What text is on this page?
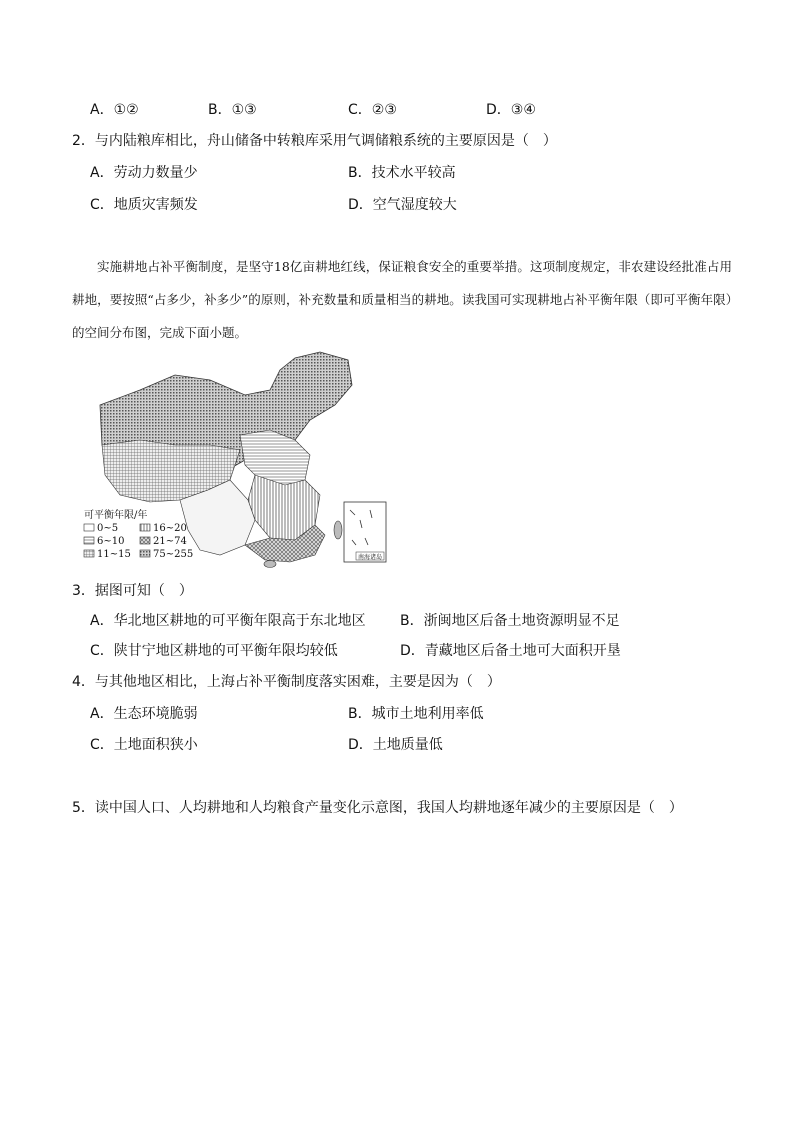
A．①②	B．①③	C．②③	D．③④
2．与内陆粮库相比，舟山储备中转粮库采用气调储粮系统的主要原因是（　）
A．劳动力数量少	B．技术水平较高
C．地质灾害频发	D．空气湿度较大

实施耕地占补平衡制度，是坚守18亿亩耕地红线，保证粮食安全的重要举措。这项制度规定，非农建设经批准占用耕地，要按照“占多少，补多少”的原则，补充数量和质量相当的耕地。读我国可实现耕地占补平衡年限（即可平衡年限）的空间分布图，完成下面小题。

可平衡年限/年
0~5
6~10
11~15
16~20
21~74
75~255	南海诸岛
3．据图可知（　）
A．华北地区耕地的可平衡年限高于东北地区 B．浙闽地区后备土地资源明显不足
C．陕甘宁地区耕地的可平衡年限均较低	D．青藏地区后备土地可大面积开垦
4．与其他地区相比，上海占补平衡制度落实困难，主要是因为（　）
A．生态环境脆弱	B．城市土地利用率低
C．土地面积狭小	D．土地质量低
5．读中国人口、人均耕地和人均粮食产量变化示意图，我国人均耕地逐年减少的主要原因是（　）
